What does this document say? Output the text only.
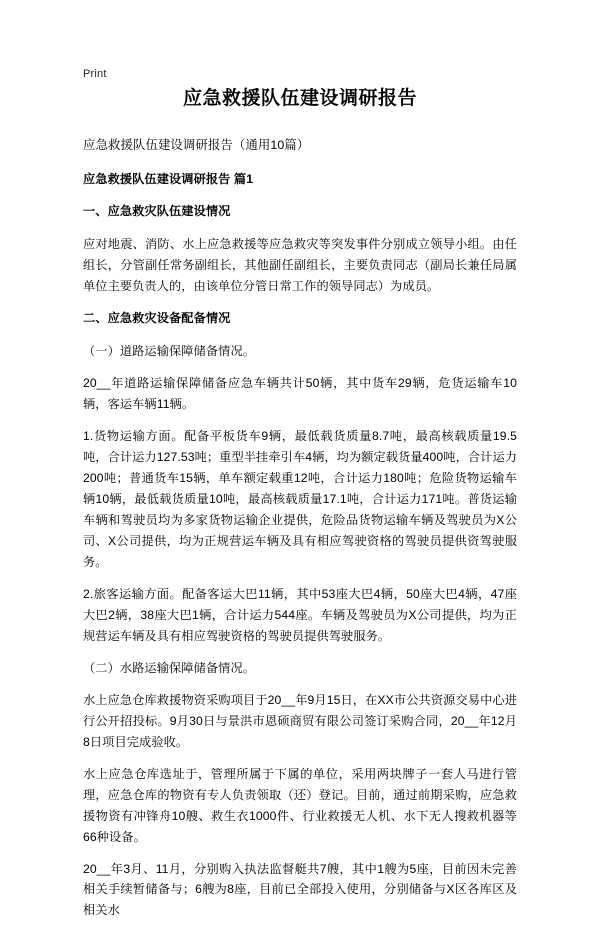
Print
应急救援队伍建设调研报告

应急救援队伍建设调研报告（通用10篇）

应急救援队伍建设调研报告 篇1

一、应急救灾队伍建设情况

应对地震、消防、水上应急救援等应急救灾等突发事件分别成立领导小组。由任组长，分管副任常务副组长，其他副任副组长，主要负责同志（副局长兼任局属单位主要负责人的，由该单位分管日常工作的领导同志）为成员。

二、应急救灾设备配备情况

（一）道路运输保障储备情况。

20__年道路运输保障储备应急车辆共计50辆，其中货车29辆，危货运输车10辆，客运车辆11辆。

1.货物运输方面。配备平板货车9辆，最低载货质量8.7吨，最高核载质量19.5吨，合计运力127.53吨；重型半挂牵引车4辆，均为额定载货量400吨，合计运力200吨；普通货车15辆，单车额定载重12吨，合计运力180吨；危险货物运输车辆10辆，最低载货质量10吨，最高核载质量17.1吨，合计运力171吨。普货运输车辆和驾驶员均为多家货物运输企业提供，危险品货物运输车辆及驾驶员为X公司、X公司提供，均为正规营运车辆及具有相应驾驶资格的驾驶员提供资驾驶服务。

2.旅客运输方面。配备客运大巴11辆，其中53座大巴4辆，50座大巴4辆，47座大巴2辆，38座大巴1辆，合计运力544座。车辆及驾驶员为X公司提供，均为正规营运车辆及具有相应驾驶资格的驾驶员提供驾驶服务。

（二）水路运输保障储备情况。

水上应急仓库救援物资采购项目于20__年9月15日，在XX市公共资源交易中心进行公开招投标。9月30日与景洪市恩硕商贸有限公司签订采购合同，20__年12月8日项目完成验收。

水上应急仓库选址于，管理所属于下属的单位，采用两块牌子一套人马进行管理，应急仓库的物资有专人负责领取（还）登记。目前，通过前期采购，应急救援物资有冲锋舟10艘、救生衣1000件、行业救援无人机、水下无人搜救机器等66种设备。

20__年3月、11月，分别购入执法监督艇共7艘，其中1艘为5座，目前因未完善相关手续暂储备与；6艘为8座，目前已全部投入使用，分别储备与X区各库区及相关水
